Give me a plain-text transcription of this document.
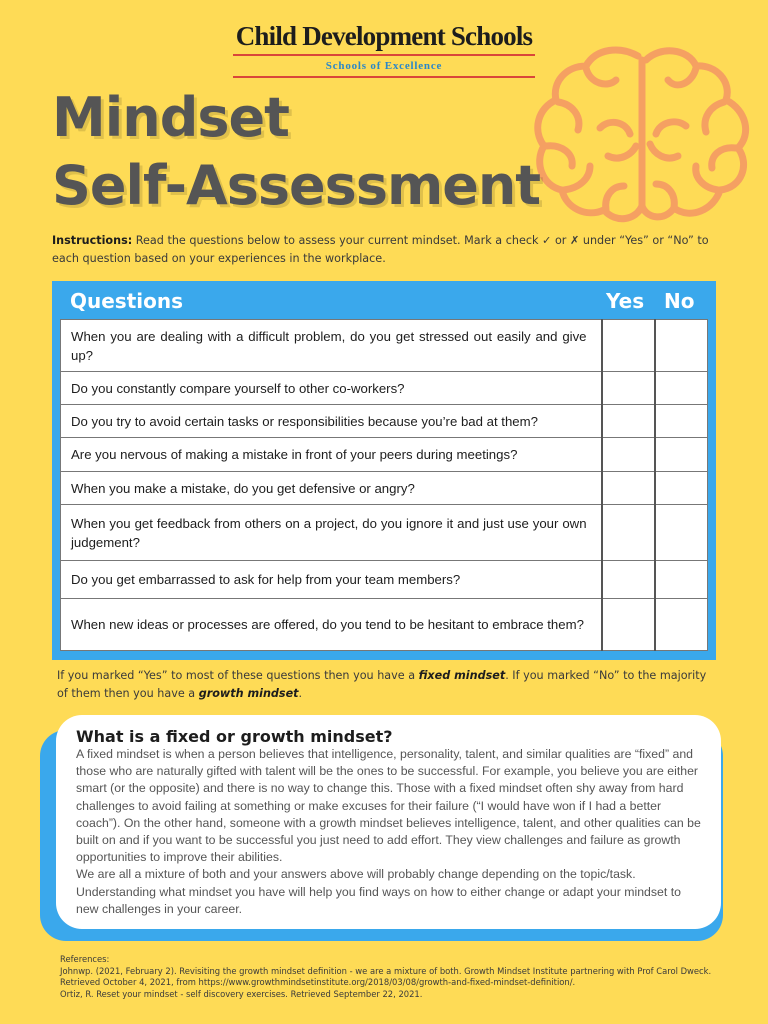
Child Development Schools
Schools of Excellence
Mindset
Self-Assessment
Instructions: Read the questions below to assess your current mindset. Mark a check ✓ or ✗ under “Yes” or “No” to each question based on your experiences in the workplace.
Questions	Yes No
When you are dealing with a difficult problem, do you get stressed out easily and give up?		
Do you constantly compare yourself to other co-workers?		
Do you try to avoid certain tasks or responsibilities because you’re bad at them?		
Are you nervous of making a mistake in front of your peers during meetings?		
When you make a mistake, do you get defensive or angry?		
When you get feedback from others on a project, do you ignore it and just use your own judgement?		
Do you get embarrassed to ask for help from your team members?		
When new ideas or processes are offered, do you tend to be hesitant to embrace them?		
If you marked “Yes” to most of these questions then you have a fixed mindset. If you marked “No” to the majority of them then you have a growth mindset.
What is a fixed or growth mindset?

A fixed mindset is when a person believes that intelligence, personality, talent, and similar qualities are “fixed” and those who are naturally gifted with talent will be the ones to be successful. For example, you believe you are either smart (or the opposite) and there is no way to change this. Those with a fixed mindset often shy away from hard challenges to avoid failing at something or make excuses for their failure (“I would have won if I had a better coach”). On the other hand, someone with a growth mindset believes intelligence, talent, and other qualities can be built on and if you want to be successful you just need to add effort. They view challenges and failure as growth opportunities to improve their abilities.

We are all a mixture of both and your answers above will probably change depending on the topic/task. Understanding what mindset you have will help you find ways on how to either change or adapt your mindset to new challenges in your career.

References:
Johnwp. (2021, February 2). Revisiting the growth mindset definition - we are a mixture of both. Growth Mindset Institute partnering with Prof Carol Dweck.
Retrieved October 4, 2021, from https://www.growthmindsetinstitute.org/2018/03/08/growth-and-fixed-mindset-definition/.
Ortiz, R. Reset your mindset - self discovery exercises. Retrieved September 22, 2021.
